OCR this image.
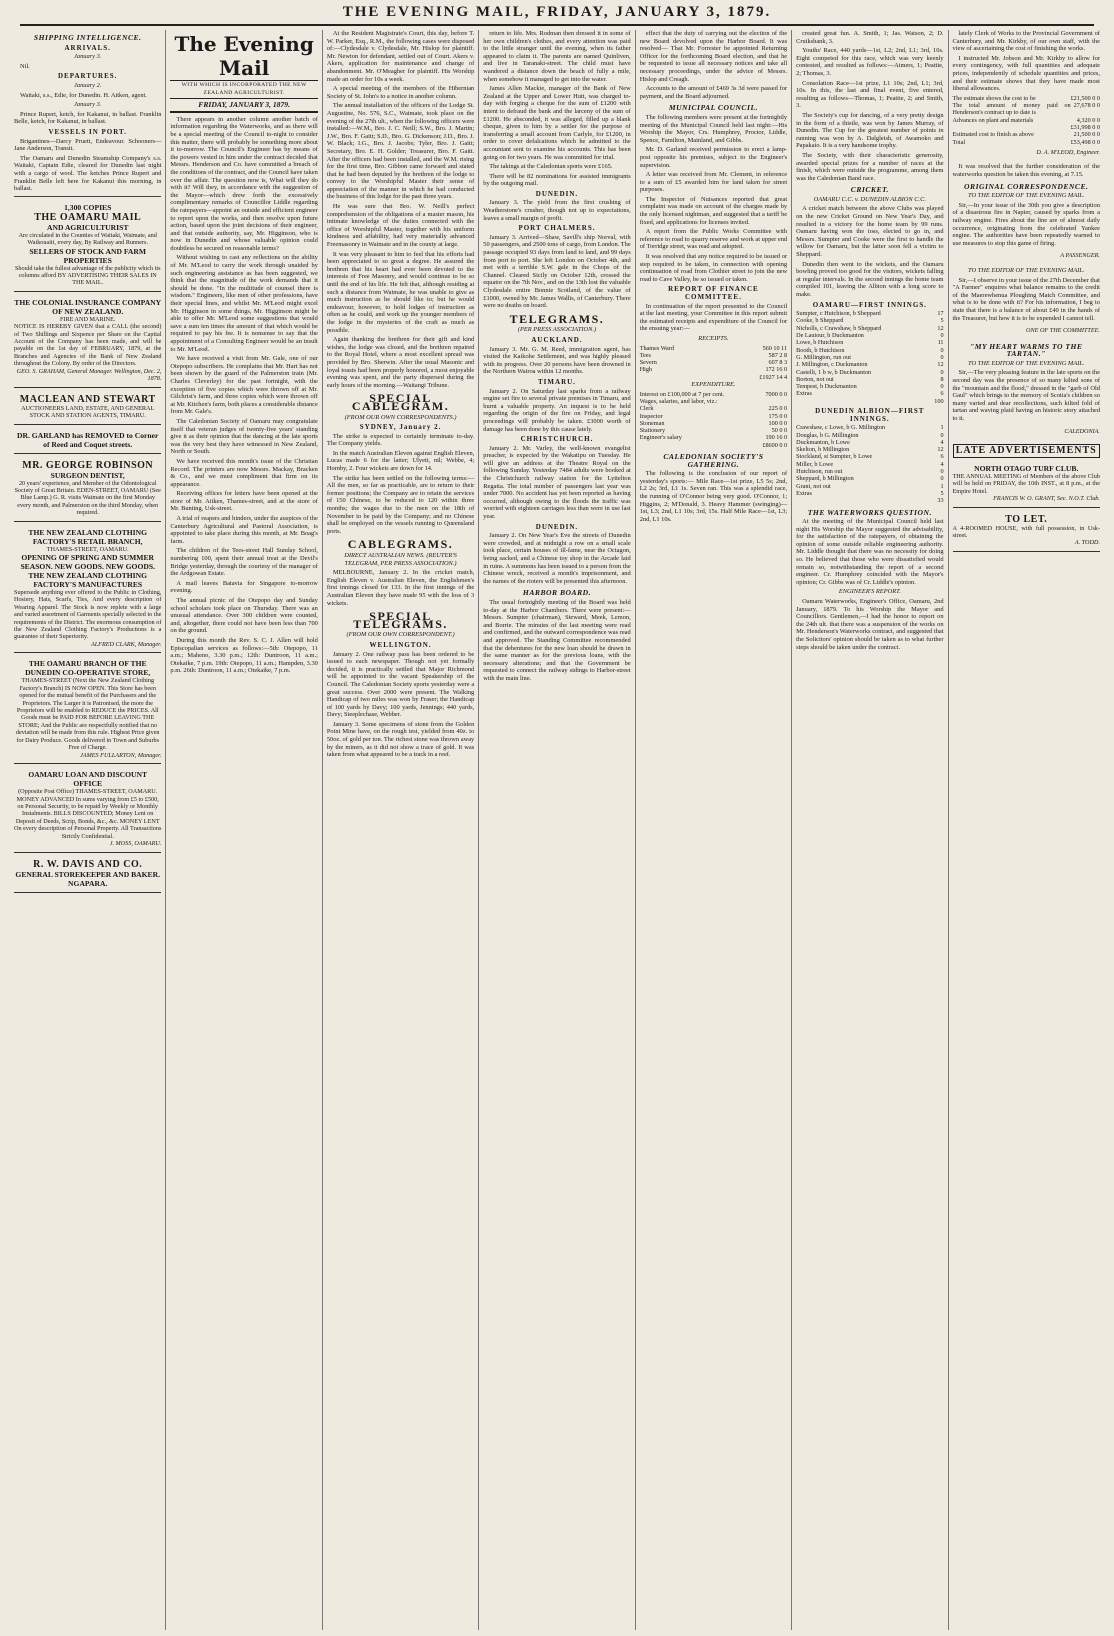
THE EVENING MAIL, FRIDAY, JANUARY 3, 1879.
SHIPPING INTELLIGENCE.
ARRIVALS.
January 3.

Nil.

DEPARTURES.
January 2.

Waitaki, s.s., Edie, for Dunedin. H. Aitken, agent.

January 3.

Prince Rupert, ketch, for Kakanui, in ballast. Franklin Belle, ketch, for Kakanui, in ballast.

VESSELS IN PORT.

Brigantines—Darcy Pruett, Endeavour. Schooners—Jane Anderson, Transit.

The Oamaru and Dunedin Steamship Company's s.s. Waitaki, Captain Edie, cleared for Dunedin last night with a cargo of wool. The ketches Prince Rupert and Franklin Belle left here for Kakanui this morning, in ballast.

1,300 COPIES
THE OAMARU MAIL
AND AGRICULTURIST
Are circulated in the Counties of Waitaki, Waimate, and Waikouaiti, every day, By Railway and Runners.
SELLERS OF STOCK AND FARM PROPERTIES
Should take the fullest advantage of the publicity which its columns afford BY ADVERTISING THEIR SALES IN THE MAIL.
THE COLONIAL INSURANCE COMPANY OF NEW ZEALAND.
FIRE AND MARINE.
NOTICE IS HEREBY GIVEN that a CALL (the second) of Two Shillings and Sixpence per Share on the Capital Account of the Company has been made, and will be payable on the 1st day of FEBRUARY, 1879, at the Branches and Agencies of the Bank of New Zealand throughout the Colony. By order of the Directors.
GEO. S. GRAHAM, General Manager. Wellington, Dec. 2, 1878.
MACLEAN AND STEWART
AUCTIONEERS LAND, ESTATE, AND GENERAL STOCK AND STATION AGENTS, TIMARU.
DR. GARLAND has REMOVED to Corner of Reed and Coquet streets.
MR. GEORGE ROBINSON
SURGEON DENTIST,
20 years' experience, and Member of the Odontological Society of Great Britain. EDEN-STREET, OAMARU (See Blue Lamp.) G. R. visits Waimate on the first Monday every month, and Palmerston on the third Monday, when required.
THE NEW ZEALAND CLOTHING FACTORY'S RETAIL BRANCH,
THAMES-STREET, OAMARU.
OPENING OF SPRING AND SUMMER SEASON. NEW GOODS. NEW GOODS.
THE NEW ZEALAND CLOTHING FACTORY'S MANUFACTURES
Supersede anything ever offered to the Public in Clothing, Hosiery, Hats, Scarfs, Ties, And every description of Wearing Apparel. The Stock is now replete with a large and varied assortment of Garments specially selected to the requirements of the District. The enormous consumption of the New Zealand Clothing Factory's Productions is a guarantee of their Superiority.
ALFRED CLARK, Manager.
THE OAMARU BRANCH OF THE DUNEDIN CO-OPERATIVE STORE,
THAMES-STREET (Next the New Zealand Clothing Factory's Branch) IS NOW OPEN. This Store has been opened for the mutual benefit of the Purchasers and the Proprietors. The Larger it is Patronised, the more the Proprietors will be enabled to REDUCE the PRICES. All Goods must be PAID FOR BEFORE LEAVING THE STORE; And the Public are respectfully notified that no deviation will be made from this rule. Highest Price given for Dairy Produce. Goods delivered in Town and Suburbs Free of Charge.
JAMES FULLARTON, Manager.
OAMARU LOAN AND DISCOUNT OFFICE
(Opposite Post Office) THAMES-STREET, OAMARU. MONEY ADVANCED In sums varying from £5 to £500, on Personal Security, to be repaid by Weekly or Monthly Instalments. BILLS DISCOUNTED; Money Lent on Deposit of Deeds, Scrip, Bonds, &c., &c. MONEY LENT On every description of Personal Property. All Transactions Strictly Confidential.
J. MOSS, OAMARU.
R. W. DAVIS AND CO.
GENERAL STOREKEEPER AND BAKER. NGAPARA.
The Evening Mail
WITH WHICH IS INCORPORATED THE NEW ZEALAND AGRICULTURIST.
FRIDAY, JANUARY 3, 1879.

There appears in another column another batch of information regarding the Waterworks, and as there will be a special meeting of the Council to-night to consider this matter, there will probably be something more about it to-morrow. The Council's Engineer has by means of the powers vested in him under the contract decided that Messrs. Henderson and Co. have committed a breach of the conditions of the contract, and the Council have taken over the affair. The question now is, What will they do with it? Will they, in accordance with the suggestion of the Mayor—which drew forth the excessively complimentary remarks of Councillor Liddle regarding the ratepayers—appoint an outside and efficient engineer to report upon the works, and then resolve upon future action, based upon the joint decisions of their engineer, and that outside authority, say, Mr. Higginson, who is now in Dunedin and whose valuable opinion could doubtless be secured on reasonable terms?

Without wishing to cast any reflections on the ability of Mr. M'Leod to carry the work through unaided by such engineering assistance as has been suggested, we think that the magnitude of the work demands that it should be done. "In the multitude of counsel there is wisdom." Engineers, like men of other professions, have their special lines, and whilst Mr. M'Leod might excel Mr. Higginson in some things, Mr. Higginson might be able to offer Mr. M'Leod some suggestions that would save a sum ten times the amount of that which would be required to pay his fee. It is nonsense to say that the appointment of a Consulting Engineer would be an insult to Mr. M'Leod.

We have received a visit from Mr. Gale, one of our Otepopo subscribers. He complains that Mr. Hart has not been shown by the guard of the Palmerston train (Mr. Charles Cleverley) for the past fortnight, with the exception of five copies which were thrown off at Mr. Gilchrist's farm, and three copies which were thrown off at Mr. Kitchen's farm, both places a considerable distance from Mr. Gale's.

The Caledonian Society of Oamaru may congratulate itself that veteran judges of twenty-five years' standing give it as their opinion that the dancing at the late sports was the very best they have witnessed in New Zealand, North or South.

We have received this month's issue of the Christian Record. The printers are now Messrs. Mackay, Bracken & Co., and we must compliment that firm on its appearance.

Receiving offices for letters have been opened at the store of Mr. Aitken, Thames-street, and at the store of Mr. Bunting, Usk-street.

A trial of reapers and binders, under the auspices of the Canterbury Agricultural and Pastoral Association, is appointed to take place during this month, at Mr. Boag's farm.

The children of the Tees-street Hall Sunday School, numbering 100, spent their annual treat at the Devil's Bridge yesterday, through the courtesy of the manager of the Ardgowan Estate.

A mail leaves Batavia for Singapore to-morrow evening.

The annual picnic of the Otepopo day and Sunday school scholars took place on Thursday. There was an unusual attendance. Over 300 children were counted, and, altogether, there could not have been less than 700 on the ground.

During this month the Rev. S. C. J. Allen will hold Episcopalian services as follows:—5th: Otepopo, 11 a.m.; Maheno, 3.30 p.m.; 12th: Duntroon, 11 a.m.; Otekaike, 7 p.m. 19th: Otepopo, 11 a.m.; Hampden, 3.30 p.m. 26th: Duntroon, 11 a.m.; Otekaike, 7 p.m.

At the Resident Magistrate's Court, this day, before T. W. Parker, Esq., R.M., the following cases were disposed of:—Clydesdale v. Clydesdale, Mr. Hislop for plaintiff. Mr. Newton for defendant, settled out of Court. Akers v. Akers, application for maintenance and change of abandonment. Mr. O'Meagher for plaintiff. His Worship made an order for 10s a week.

A special meeting of the members of the Hibernian Society of St. John's to a notice in another column.

The annual installation of the officers of the Lodge St. Augustine, No. 576, S.C., Waimate, took place on the evening of the 27th ult., when the following officers were installed:—W.M., Bro. J. C. Neill; S.W., Bro. J. Martin; J.W., Bro. F. Gaitt; S.D., Bro. G. Dickenson; J.D., Bro. J. W. Black; I.G., Bro. J. Jacobs; Tyler, Bro. J. Gaitt; Secretary, Bro. E. H. Golder; Treasurer, Bro. F. Gaitt. After the officers had been installed, and the W.M. rising for the first time, Bro. Gibbon came forward and stated that he had been deputed by the brethren of the lodge to convey to the Worshipful Master their sense of appreciation of the manner in which he had conducted the business of this lodge for the past three years.

He was sure that Bro. W. Neill's perfect comprehension of the obligations of a master mason, his intimate knowledge of the duties connected with the office of Worshipful Master, together with his uniform kindness and affability, had very materially advanced Freemasonry in Waimate and in the county at large.

It was very pleasant to him to feel that his efforts had been appreciated to so great a degree. He assured the brethren that his heart had ever been devoted to the interests of Free Masonry, and would continue to be so until the end of his life. He felt that, although residing at such a distance from Waimate, he was unable to give as much instruction as he should like to; but he would endeavour, however, to hold lodges of instruction as often as he could, and work up the younger members of the lodge in the mysteries of the craft as much as possible.

Again thanking the brethren for their gift and kind wishes, the lodge was closed, and the brethren repaired to the Royal Hotel, where a most excellent spread was provided by Bro. Sherwin. After the usual Masonic and loyal toasts had been properly honored, a most enjoyable evening was spent, and the party dispersed during the early hours of the morning.—Waitangi Tribune.

SPECIAL CABLEGRAM.
(FROM OUR OWN CORRESPONDENTS.)
SYDNEY, January 2.

The strike is expected to certainly terminate to-day. The Company yields.

In the match Australian Eleven against English Eleven, Lucas made 6 for the latter; Ulyett, nil; Webbe, 4; Hornby, 2. Four wickets are down for 14.

The strike has been settled on the following terms:—All the men, so far as practicable, are to return to their former positions; the Company are to retain the services of 150 Chinese, to be reduced to 120 within three months; the wages due to the men on the 18th of November to be paid by the Company; and no Chinese shall be employed on the vessels running to Queensland ports.

CABLEGRAMS.
DIRECT AUSTRALIAN NEWS. (REUTER'S TELEGRAM, PER PRESS ASSOCIATION.)

MELBOURNE, January 2. In the cricket match, English Eleven v. Australian Eleven, the Englishmen's first innings closed for 133. In the first innings of the Australian Eleven they have made 95 with the loss of 3 wickets.

SPECIAL TELEGRAMS.
(FROM OUR OWN CORRESPONDENT.)
WELLINGTON.

January 2. One railway pass has been ordered to be issued to each newspaper. Though not yet formally decided, it is practically settled that Major Richmond will be appointed to the vacant Speakership of the Council. The Caledonian Society sports yesterday were a great success. Over 2000 were present. The Walking Handicap of two miles was won by Fraser; the Handicap of 100 yards by Davy; 100 yards, Jennings; 440 yards, Davy; Steeplechase, Webber.

January 3. Some specimens of stone from the Golden Point Mine have, on the rough test, yielded from 40z. to 50oz. of gold per ton. The richest stone was thrown away by the miners, as it did not show a trace of gold. It was taken from what appeared to be a track in a reef.

return to life. Mrs. Rodman then dressed it in some of her own children's clothes, and every attention was paid to the little stranger until the evening, when its father appeared to claim it. The parents are named Quinliven, and live in Taranaki-street. The child must have wandered a distance down the beach of fully a mile, when somehow it managed to get into the water.

James Allen Mackie, manager of the Bank of New Zealand at the Upper and Lower Hutt, was charged to-day with forging a cheque for the sum of £1200 with intent to defraud the bank and the larceny of the sum of £1200. He absconded, it was alleged, filled up a blank cheque, given to him by a settler for the purpose of transferring a small account from Carlyle, for £1200, in order to cover defalcations which he admitted to the accountant sent to examine his accounts. This has been going on for two years. He was committed for trial.

The takings at the Caledonian sports were £165.

There will be 82 nominations for assisted immigrants by the outgoing mail.

DUNEDIN.

January 3. The yield from the first crushing of Weatherstone's crusher, though not up to expectations, leaves a small margin of profit.

PORT CHALMERS.

January 3. Arrived—Shaw, Savill's ship Norval, with 50 passengers, and 2500 tons of cargo, from London. The passage occupied 93 days from land to land, and 99 days from port to port. She left London on October 4th, and met with a terrible S.W. gale in the Chops of the Channel. Cleared Sicily on October 12th, crossed the equator on the 7th Nov., and on the 13th lost the valuable Clydesdale entire Bonnie Scotland, of the value of £1000, owned by Mr. James Wallis, of Canterbury. There were no deaths on board.

TELEGRAMS.
(PER PRESS ASSOCIATION.)
AUCKLAND.

January 3. Mr. G. M. Reed, immigration agent, has visited the Kaikohe Settlement, and was highly pleased with its progress. Over 20 persons have been drowned in the Northern Wairoa within 12 months.

TIMARU.

January 2. On Saturday last sparks from a railway engine set fire to several private premises in Timaru, and burnt a valuable property. An inquest is to be held regarding the origin of the fire on Friday, and legal proceedings will probably be taken. £3000 worth of damage has been done by this cause lately.

CHRISTCHURCH.

January 2. Mr. Varley, the well-known evangelist preacher, is expected by the Wakatipu on Tuesday. He will give an address at the Theatre Royal on the following Sunday. Yesterday 7484 adults were booked at the Christchurch railway station for the Lyttelton Regatta. The total number of passengers last year was under 7000. No accident has yet been reported as having occurred, although owing to the floods the traffic was worried with eighteen carriages less than were in use last year.

DUNEDIN.

January 2. On New Year's Eve the streets of Dunedin were crowded, and at midnight a row on a small scale took place, certain houses of ill-fame, near the Octagon, being sacked, and a Chinese toy shop in the Arcade laid in ruins. A summons has been issued to a person from the Chinese wreck, received a month's imprisonment, and the names of the rioters will be presented this afternoon.

HARBOR BOARD.

The usual fortnightly meeting of the Board was held to-day at the Harbor Chambers. There were present:—Messrs. Sumpter (chairman), Steward, Meek, Lemon, and Borrie. The minutes of the last meeting were read and confirmed, and the outward correspondence was read and approved. The Standing Committee recommended that the debentures for the new loan should be drawn in the same manner as for the previous loans, with the necessary alterations; and that the Government be requested to connect the railway sidings to Harbor-street with the main line.

effect that the duty of carrying out the election of the new Board devolved upon the Harbor Board. It was resolved— That Mr. Forrester be appointed Returning Officer for the forthcoming Board election, and that he be requested to issue all necessary notices and take all necessary proceedings, under the advice of Messrs. Hislop and Creagh.

Accounts to the amount of £469 3s 3d were passed for payment, and the Board adjourned.

MUNICIPAL COUNCIL.

The following members were present at the fortnightly meeting of the Municipal Council held last night:—His Worship the Mayor, Crs. Humphrey, Proctor, Liddle, Spence, Familton, Mainland, and Gibbs.

Mr. D. Garland received permission to erect a lamp-post opposite his premises, subject to the Engineer's supervision.

A letter was received from Mr. Clement, in reference to a sum of £5 awarded him for land taken for street purposes.

The Inspector of Nuisances reported that great complaint was made on account of the charges made by the only licensed nightman, and suggested that a tariff be fixed, and applications for licenses invited.

A report from the Public Works Committee with reference to road to quarry reserve and work at upper end of Torridge street, was read and adopted.

It was resolved that any notice required to be issued or step required to be taken, in connection with opening continuation of road from Clothier street to join the new road to Cave Valley, be so issued or taken.

REPORT OF FINANCE COMMITTEE.

In continuation of the report presented to the Council at the last meeting, your Committee in this report submit the estimated receipts and expenditure of the Council for the ensuing year:—

RECEIPTS.
Thames Ward	560 10 11
Tees	587 2 8
Severn	607 8 3
High	172 16 0
	£1927 14 4
EXPENDITURE.
Interest on £100,000 at 7 per cent.	7000 0 0
Wages, salaries, and labor, viz.:	
Clerk	225 0 0
Inspector	175 0 0
Stoneman	100 0 0
Stationery	50 0 0
Engineer's salary	190 16 0
	£8600 0 0
CALEDONIAN SOCIETY'S GATHERING.

The following is the conclusion of our report of yesterday's sports:— Mile Race—1st prize, L5 5s; 2nd, L2 2s; 3rd, L1 1s. Seven ran. This was a splendid race, the running of O'Connor being very good. O'Connor, 1; Higgins, 2; M'Donald, 3. Heavy Hammer (swinging)—1st, L3; 2nd, L1 10s; 3rd, 15s. Half Mile Race—1st, L3; 2nd, L1 10s.

created great fun. A. Smith, 1; Jas. Watson, 2; D. Cruikshank, 3.

Youths' Race, 440 yards—1st, L2; 2nd, L1; 3rd, 10s. Eight competed for this race, which was very keenly contested, and resulted as follows:—Aimers, 1; Peattie, 2; Thomas, 3.

Consolation Race—1st prize, L1 10s; 2nd, L1; 3rd, 10s. In this, the last and final event, five entered, resulting as follows—Thomas, 1; Peattie, 2; and Smith, 3.

The Society's cup for dancing, of a very pretty design in the form of a thistle, was won by James Murray, of Dunedin. The Cup for the greatest number of points in running was won by A. Dalgleish, of Awamoko and Papakaio. It is a very handsome trophy.

The Society, with their characteristic generosity, awarded special prizes for a number of races at the finish, which were outside the programme, among them was the Caledonian Band race.

CRICKET.
OAMARU C.C. v. DUNEDIN ALBION C.C.

A cricket match between the above Clubs was played on the new Cricket Ground on New Year's Day, and resulted in a victory for the home team by 99 runs. Oamaru having won the toss, elected to go in, and Messrs. Sumpter and Cooke were the first to handle the willow for Oamaru, but the latter soon fell a victim to Sheppard.

Dunedin then went to the wickets, and the Oamaru bowling proved too good for the visitors, wickets falling at regular intervals. In the second innings the home team compiled 101, leaving the Albion with a long score to make.

OAMARU—FIRST INNINGS.
Sumpter, c Hutchison, b Sheppard	17
Cooke, b Sheppard	5
Nicholls, c Crawshaw, b Sheppard	12
De Lautour, b Duckmanton	0
Lowe, b Hutchison	11
Booth, b Hutchison	0
G. Millington, run out	0
J. Millington, c Duckmanton	12
Castelli, 1 b w, b Duckmanton	0
Borton, not out	8
Tempest, b Duckmanton	0
Extras	6
	100
DUNEDIN ALBION—FIRST INNINGS.
Crawshaw, c Lowe, b G. Millington	1
Douglas, b G. Millington	0
Duckmanton, b Lowe	4
Skelton, b Millington	12
Stockland, st Sumpter, b Lowe	6
Miller, b Lowe	4
Hutchison, run out	0
Sheppard, b Millington	0
Grant, not out	1
Extras	5
	33
THE WATERWORKS QUESTION.

At the meeting of the Municipal Council held last night His Worship the Mayor suggested the advisability, for the satisfaction of the ratepayers, of obtaining the opinion of some outside reliable engineering authority. Mr. Liddle thought that there was no necessity for doing so. He believed that those who were dissatisfied would remain so, notwithstanding the report of a second engineer. Cr. Humphrey coincided with the Mayor's opinion; Cr. Gibbs was of Cr. Liddle's opinion.

ENGINEER'S REPORT.

Oamaru Waterworks, Engineer's Office, Oamaru, 2nd January, 1879. To his Worship the Mayor and Councillors. Gentlemen,—I had the honor to report on the 24th ult. that there was a suspension of the works on Mr. Henderson's Waterworks contract, and suggested that the Solicitors' opinion should be taken as to what further steps should be taken under the contract.

lately Clerk of Works to the Provincial Government of Canterbury, and Mr. Kirkby, of our own staff, with the view of ascertaining the cost of finishing the works.

I instructed Mr. Jobson and Mr. Kirkby to allow for every contingency, with full quantities and adequate prices, independently of schedule quantities and prices, and their estimate shows that they have made most liberal allowances.

The estimate shows the cost to be	£21,500 0 0
The total amount of money paid on Henderson's contract up to date is	27,678 0 0
Advances on plant and materials	4,320 0 0
	£31,998 0 0
Estimated cost to finish as above	21,500 0 0
Total	£53,498 0 0
D. A. M'LEOD, Engineer.

It was resolved that the further consideration of the waterworks question be taken this evening, at 7.15.

ORIGINAL CORRESPONDENCE.
TO THE EDITOR OF THE EVENING MAIL.

Sir,—In your issue of the 30th you give a description of a disastrous fire in Napier, caused by sparks from a railway engine. Fires about the line are of almost daily occurrence, originating from the celebrated Yankee engine. The authorities have been repeatedly warned to use measures to stop this game of firing.

A PASSENGER.
TO THE EDITOR OF THE EVENING MAIL.

Sir,—I observe in your issue of the 27th December that "A Farmer" enquires what balance remains to the credit of the Maerewhenua Ploughing Match Committee, and what is to be done with it? For his information, I beg to state that there is a balance of about £40 in the hands of the Treasurer, but how it is to be expended I cannot tell.

ONE OF THE COMMITTEE.
"MY HEART WARMS TO THE TARTAN."
TO THE EDITOR OF THE EVENING MAIL.

Sir,—The very pleasing feature in the late sports on the second day was the presence of so many kilted sons of the "mountain and the flood," dressed in the "garb of Old Gaul" which brings to the memory of Scotia's children so many varied and dear recollections, such kilted fold of tartan and waving plaid having an historic story attached to it.

CALEDONIA.
LATE ADVERTISEMENTS
NORTH OTAGO TURF CLUB.
THE ANNUAL MEETING of Members of the above Club will be held on FRIDAY, the 10th INST., at 8 p.m., at the Empire Hotel.
FRANCIS W. O. GRANT, Sec. N.O.T. Club.
TO LET.
A 4-ROOMED HOUSE, with full possession, in Usk-street.
A. TODD.
